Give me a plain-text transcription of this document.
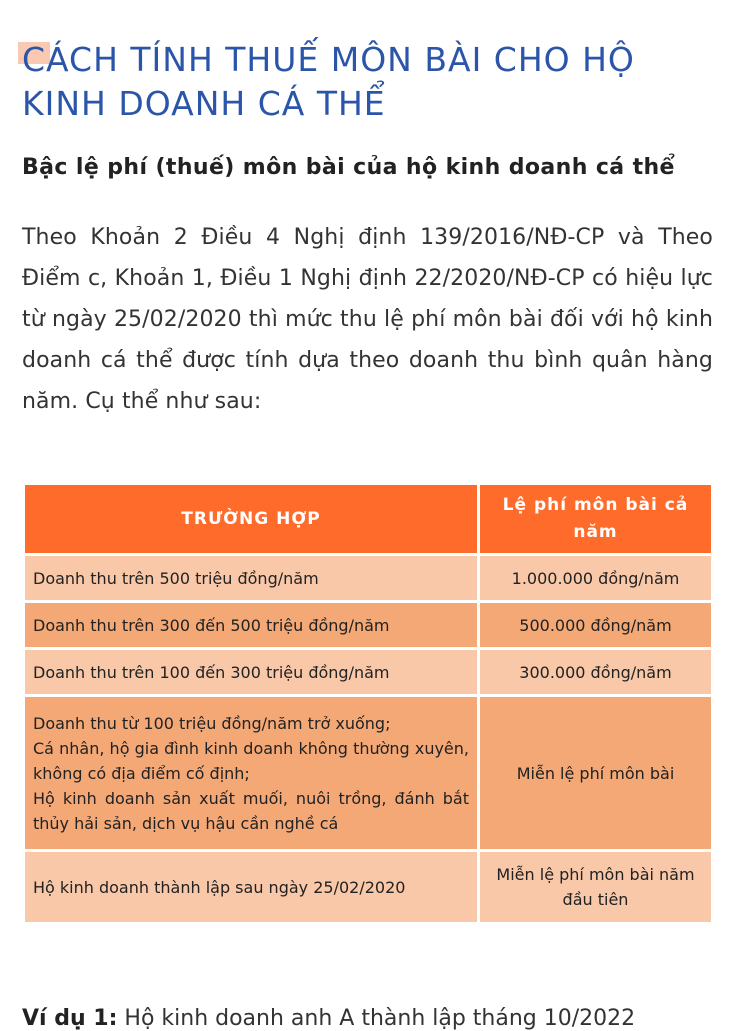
CÁCH TÍNH THUẾ MÔN BÀI CHO HỘ KINH DOANH CÁ THỂ
Bậc lệ phí (thuế) môn bài của hộ kinh doanh cá thể

Theo Khoản 2 Điều 4 Nghị định 139/2016/NĐ-CP và Theo Điểm c, Khoản 1, Điều 1 Nghị định 22/2020/NĐ-CP có hiệu lực từ ngày 25/02/2020 thì mức thu lệ phí môn bài đối với hộ kinh doanh cá thể được tính dựa theo doanh thu bình quân hàng năm. Cụ thể như sau:

TRƯỜNG HỢP	Lệ phí môn bài cả năm
Doanh thu trên 500 triệu đồng/năm	1.000.000 đồng/năm
Doanh thu trên 300 đến 500 triệu đồng/năm	500.000 đồng/năm
Doanh thu trên 100 đến 300 triệu đồng/năm	300.000 đồng/năm

Doanh thu từ 100 triệu đồng/năm trở xuống;
Cá nhân, hộ gia đình kinh doanh không thường xuyên, không có địa điểm cố định;
Hộ kinh doanh sản xuất muối, nuôi trồng, đánh bắt thủy hải sản, dịch vụ hậu cần nghề cá	Miễn lệ phí môn bài
Hộ kinh doanh thành lập sau ngày 25/02/2020	Miễn lệ phí môn bài năm đầu tiên
Ví dụ 1: Hộ kinh doanh anh A thành lập tháng 10/2022
